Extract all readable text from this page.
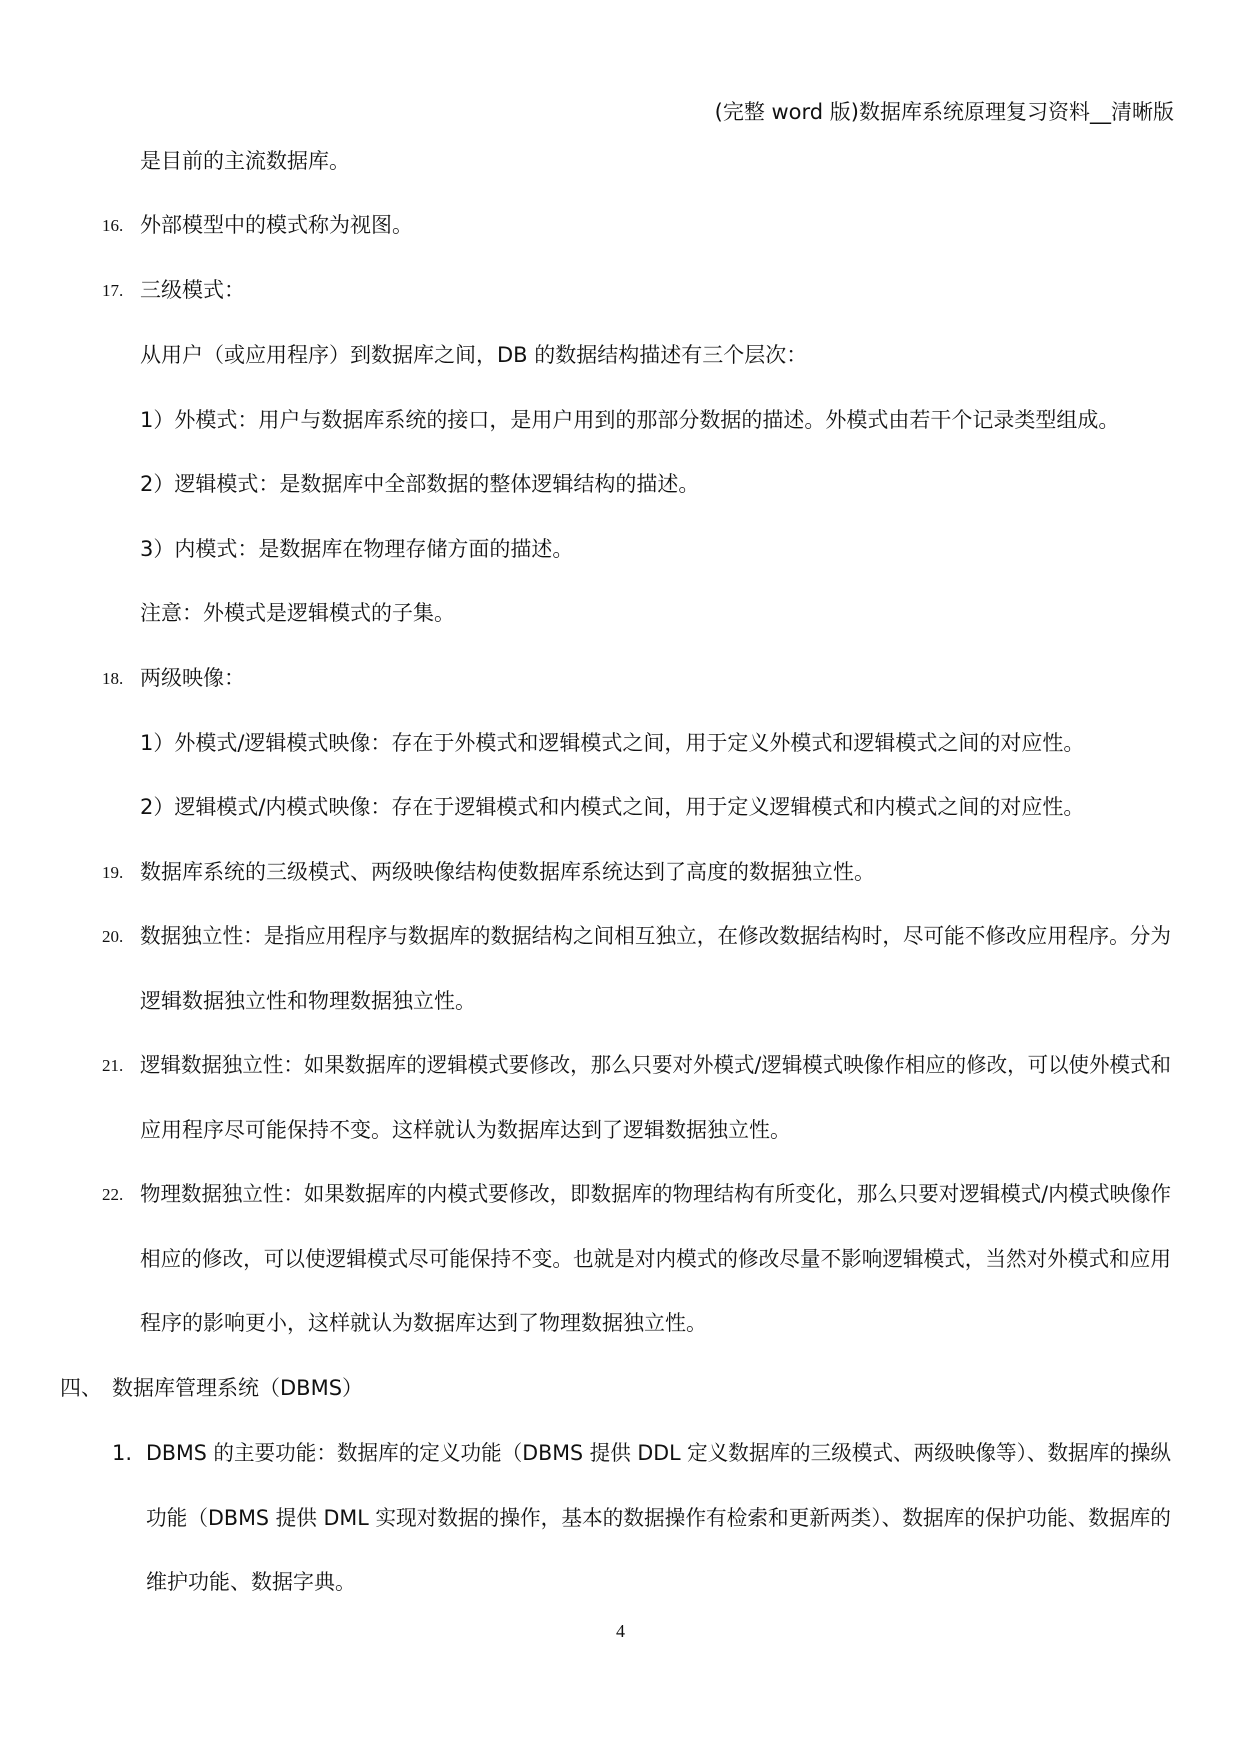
(完整 word 版)数据库系统原理复习资料__清晰版
是目前的主流数据库。
16. 外部模型中的模式称为视图。
17. 三级模式：
从用户（或应用程序）到数据库之间，DB 的数据结构描述有三个层次：
1）外模式：用户与数据库系统的接口，是用户用到的那部分数据的描述。外模式由若干个记录类型组成。
2）逻辑模式：是数据库中全部数据的整体逻辑结构的描述。
3）内模式：是数据库在物理存储方面的描述。
注意：外模式是逻辑模式的子集。
18. 两级映像：
1）外模式/逻辑模式映像：存在于外模式和逻辑模式之间，用于定义外模式和逻辑模式之间的对应性。
2）逻辑模式/内模式映像：存在于逻辑模式和内模式之间，用于定义逻辑模式和内模式之间的对应性。
19. 数据库系统的三级模式、两级映像结构使数据库系统达到了高度的数据独立性。
20. 数据独立性：是指应用程序与数据库的数据结构之间相互独立，在修改数据结构时，尽可能不修改应用程序。分为
逻辑数据独立性和物理数据独立性。
21. 逻辑数据独立性：如果数据库的逻辑模式要修改，那么只要对外模式/逻辑模式映像作相应的修改，可以使外模式和
应用程序尽可能保持不变。这样就认为数据库达到了逻辑数据独立性。
22. 物理数据独立性：如果数据库的内模式要修改，即数据库的物理结构有所变化，那么只要对逻辑模式/内模式映像作
相应的修改，可以使逻辑模式尽可能保持不变。也就是对内模式的修改尽量不影响逻辑模式，当然对外模式和应用
程序的影响更小，这样就认为数据库达到了物理数据独立性。
四、 数据库管理系统（DBMS）
1. DBMS 的主要功能：数据库的定义功能（DBMS 提供 DDL 定义数据库的三级模式、两级映像等）、数据库的操纵
功能（DBMS 提供 DML 实现对数据的操作，基本的数据操作有检索和更新两类）、数据库的保护功能、数据库的
维护功能、数据字典。
4
